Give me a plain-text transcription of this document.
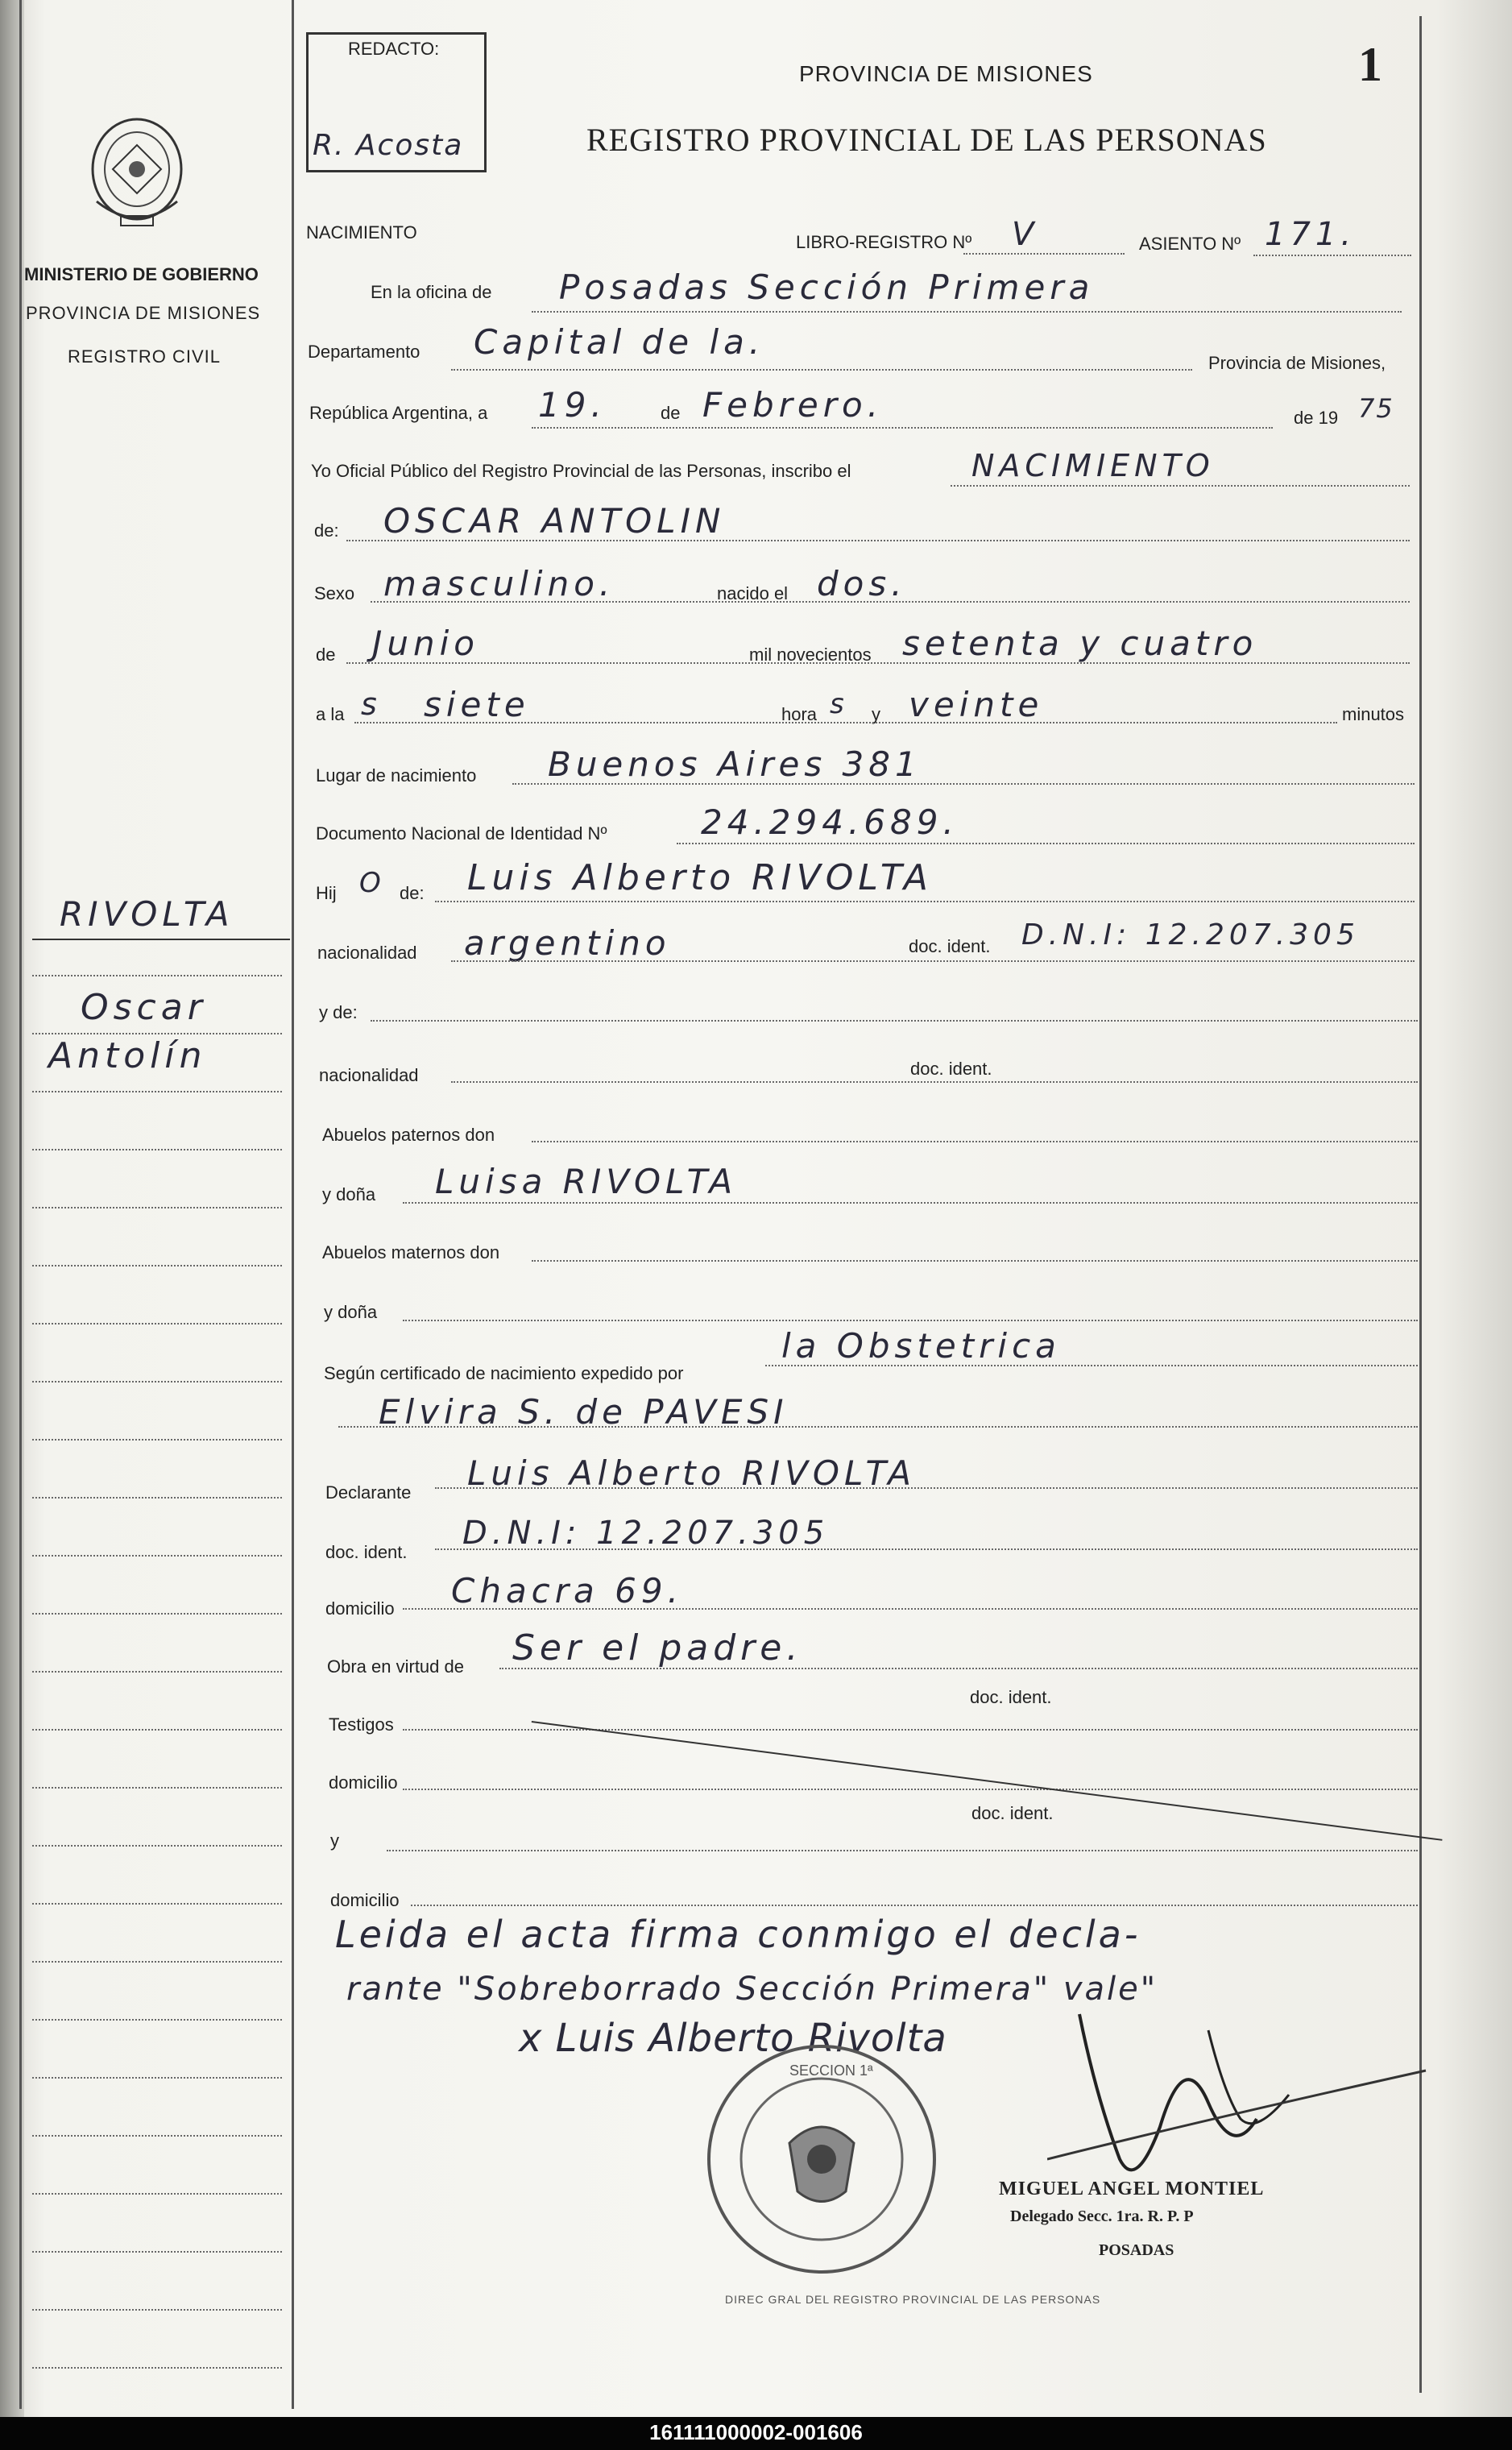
MINISTERIO DE GOBIERNO
PROVINCIA DE MISIONES
REGISTRO CIVIL
RIVOLTA
Oscar
Antolín
REDACTO:
R. Acosta
1
PROVINCIA DE MISIONES
REGISTRO PROVINCIAL DE LAS PERSONAS
NACIMIENTO	LIBRO-REGISTRO Nº V	ASIENTO Nº 171.
En la oficina de Posadas Sección Primera
Departamento Capital de la.
Provincia de Misiones,
República Argentina, a 19.	de Febrero.	de 19 75
Yo Oficial Público del Registro Provincial de las Personas, inscribo el	NACIMIENTO
de: OSCAR ANTOLIN
Sexo masculino.	nacido el dos.
de Junio	mil novecientos setenta y cuatro
a la s siete	hora s y veinte	minutos
Lugar de nacimiento Buenos Aires 381
Documento Nacional de Identidad Nº	24.294.689.
Hij O de: Luis Alberto RIVOLTA
nacionalidad argentino	doc. ident. D.N.I: 12.207.305
y de:
nacionalidad	doc. ident.
Abuelos paternos don
y doña Luisa RIVOLTA
Abuelos maternos don
y doña
Según certificado de nacimiento expedido por
la Obstetrica
Elvira S. de PAVESI
Declarante Luis Alberto RIVOLTA
doc. ident.
D.N.I: 12.207.305
domicilio Chacra 69.
Obra en virtud de Ser el padre.
Testigos
doc. ident.
domicilio
y
doc. ident.
domicilio
Leida el acta firma conmigo el decla-
rante "Sobreborrado Sección Primera" vale"
x Luis Alberto Rivolta
DIREC GRAL DEL REGISTRO PROVINCIAL DE LAS PERSONAS
SECCION 1ª
MIGUEL ANGEL MONTIEL
Delegado Secc. 1ra. R. P. P
POSADAS
161111000002-001606
